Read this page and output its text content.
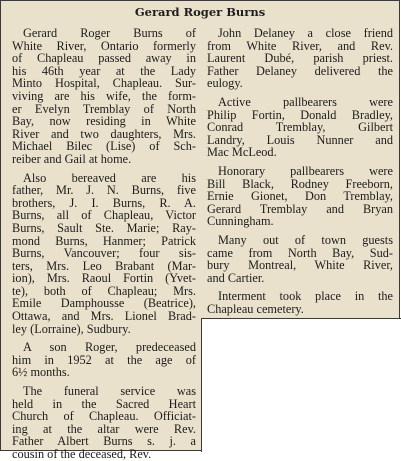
Gerard Roger Burns
Gerard Roger Burns of
White River, Ontario formerly
of Chapleau passed away in
his 46th year at the Lady
Minto Hospital, Chapleau. Sur-
viving are his wife, the form-
er Evelyn Tremblay of North
Bay, now residing in White
River and two daughters, Mrs.
Michael Bilec (Lise) of Sch-
reiber and Gail at home.
Also bereaved are his
father, Mr. J. N. Burns, five
brothers, J. I. Burns, R. A.
Burns, all of Chapleau, Victor
Burns, Sault Ste. Marie; Ray-
mond Burns, Hanmer; Patrick
Burns, Vancouver; four sis-
ters, Mrs. Leo Brabant (Mar-
ion), Mrs. Raoul Fortin (Yvet-
te), both of Chapleau; Mrs.
Emile Damphousse (Beatrice),
Ottawa, and Mrs. Lionel Brad-
ley (Lorraine), Sudbury.
A son Roger, predeceased
him in 1952 at the age of
6½ months.
The funeral service was
held in the Sacred Heart
Church of Chapleau. Officiat-
ing at the altar were Rev.
Father Albert Burns s. j. a
cousin of the deceased, Rev.
John Delaney a close friend
from White River, and Rev.
Laurent Dubé, parish priest.
Father Delaney delivered the
eulogy.
Active pallbearers were
Philip Fortin, Donald Bradley,
Conrad Tremblay, Gilbert
Landry, Louis Nunner and
Mac McLeod.
Honorary pallbearers were
Bill Black, Rodney Freeborn,
Ernie Gionet, Don Tremblay,
Gerard Tremblay and Bryan
Cunningham.
Many out of town guests
came from North Bay, Sud-
bury Montreal, White River,
and Cartier.
Interment took place in the
Chapleau cemetery.
